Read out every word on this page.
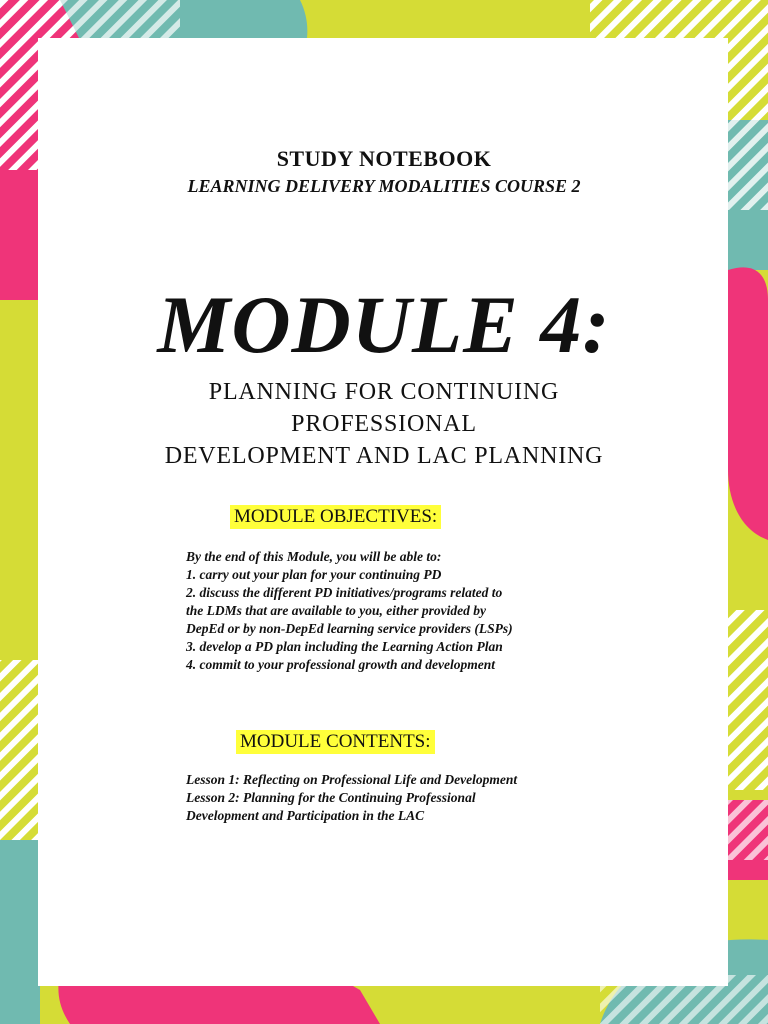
STUDY NOTEBOOK
LEARNING DELIVERY MODALITIES COURSE 2
MODULE 4:
PLANNING FOR CONTINUING
PROFESSIONAL
DEVELOPMENT AND LAC PLANNING
MODULE OBJECTIVES:
By the end of this Module, you will be able to:
1. carry out your plan for your continuing PD
2. discuss the different PD initiatives/programs related to
the LDMs that are available to you, either provided by
DepEd or by non-DepEd learning service providers (LSPs)
3. develop a PD plan including the Learning Action Plan
4. commit to your professional growth and development
MODULE CONTENTS:
Lesson 1: Reflecting on Professional Life and Development
Lesson 2: Planning for the Continuing Professional
Development and Participation in the LAC
